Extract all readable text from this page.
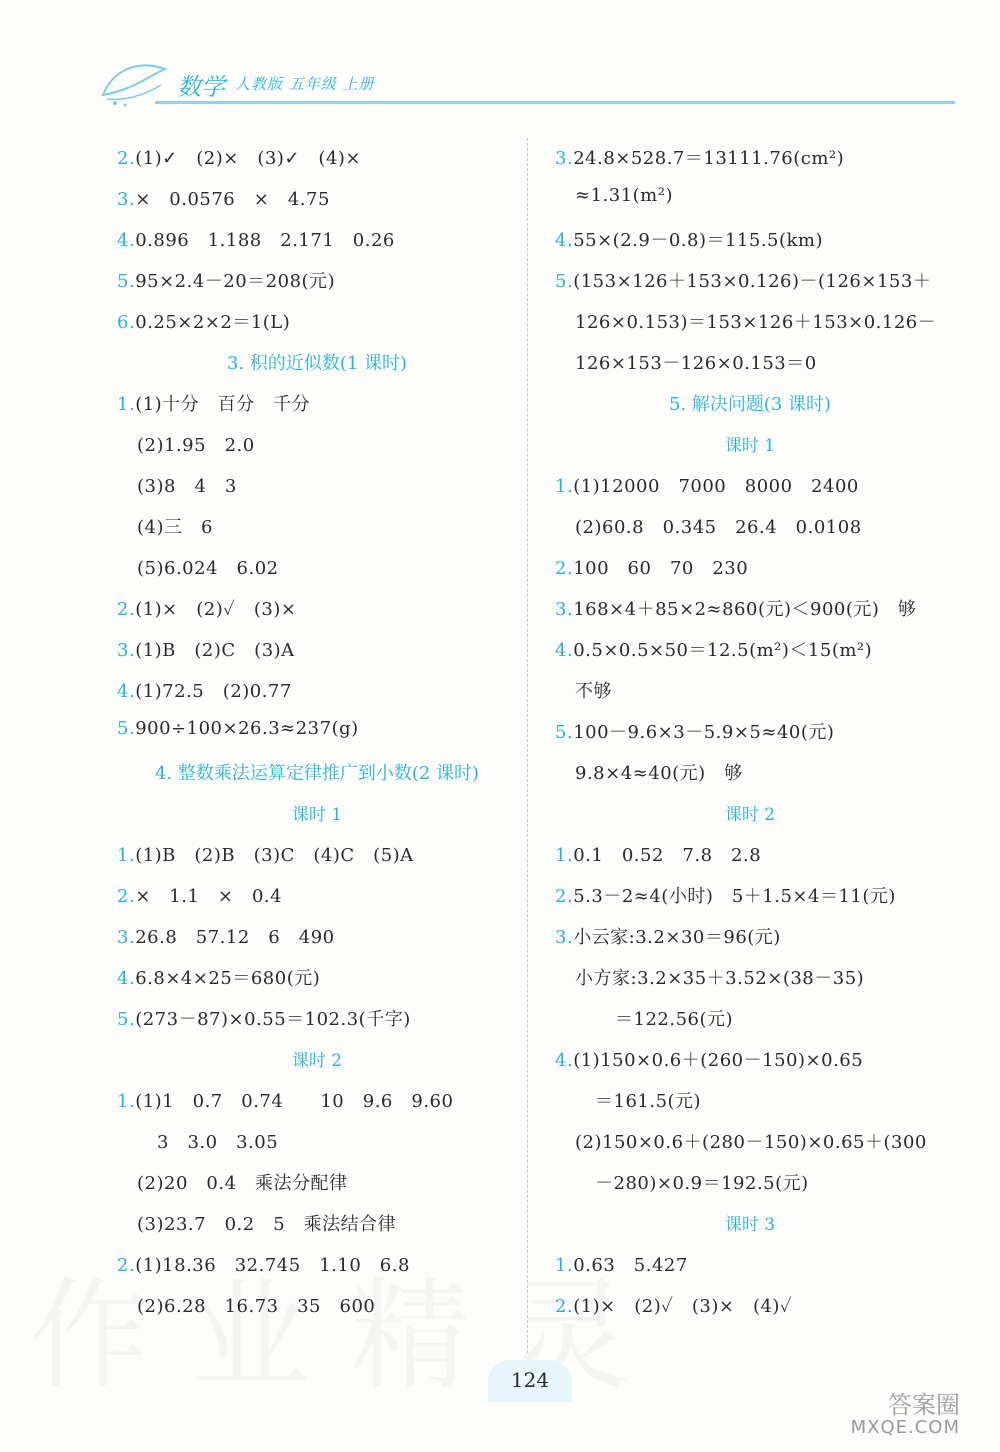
数学 人教版 五年级 上册
2.(1)✓　(2)×　(3)✓　(4)×
3.×　0.0576　×　4.75
4.0.896　1.188　2.171　0.26
5.95×2.4－20＝208(元)
6.0.25×2×2＝1(L)
3. 积的近似数(1 课时)
1.(1)十分　百分　千分
(2)1.95　2.0
(3)8　4　3
(4)三　6
(5)6.024　6.02
2.(1)×　(2)✓　(3)×
3.(1)B　(2)C　(3)A
4.(1)72.5　(2)0.77
5.900÷100×26.3≈237(g)
4. 整数乘法运算定律推广到小数(2 课时)
课时 1
1.(1)B　(2)B　(3)C　(4)C　(5)A
2.×　1.1　×　0.4
3.26.8　57.12　6　490
4.6.8×4×25＝680(元)
5.(273－87)×0.55＝102.3(千字)
课时 2
1.(1)1　0.7　0.74　　10　9.6　9.60
3　3.0　3.05
(2)20　0.4　乘法分配律
(3)23.7　0.2　5　乘法结合律
2.(1)18.36　32.745　1.10　6.8
(2)6.28　16.73　35　600
3.24.8×528.7＝13111.76(cm²)
≈1.31(m²)
4.55×(2.9－0.8)＝115.5(km)
5.(153×126＋153×0.126)－(126×153＋
126×0.153)＝153×126＋153×0.126－
126×153－126×0.153＝0
5. 解决问题(3 课时)
课时 1
1.(1)12000　7000　8000　2400
(2)60.8　0.345　26.4　0.0108
2.100　60　70　230
3.168×4＋85×2≈860(元)＜900(元)　够
4.0.5×0.5×50＝12.5(m²)＜15(m²)
不够
5.100－9.6×3－5.9×5≈40(元)
9.8×4≈40(元)　够
课时 2
1.0.1　0.52　7.8　2.8
2.5.3－2≈4(小时)　5＋1.5×4＝11(元)
3.小云家:3.2×30＝96(元)
小方家:3.2×35＋3.52×(38－35)
＝122.56(元)
4.(1)150×0.6＋(260－150)×0.65
＝161.5(元)
(2)150×0.6＋(280－150)×0.65＋(300
－280)×0.9＝192.5(元)
课时 3
1.0.63　5.427
2.(1)×　(2)✓　(3)×　(4)✓
124
答案圈
MXQE.COM
